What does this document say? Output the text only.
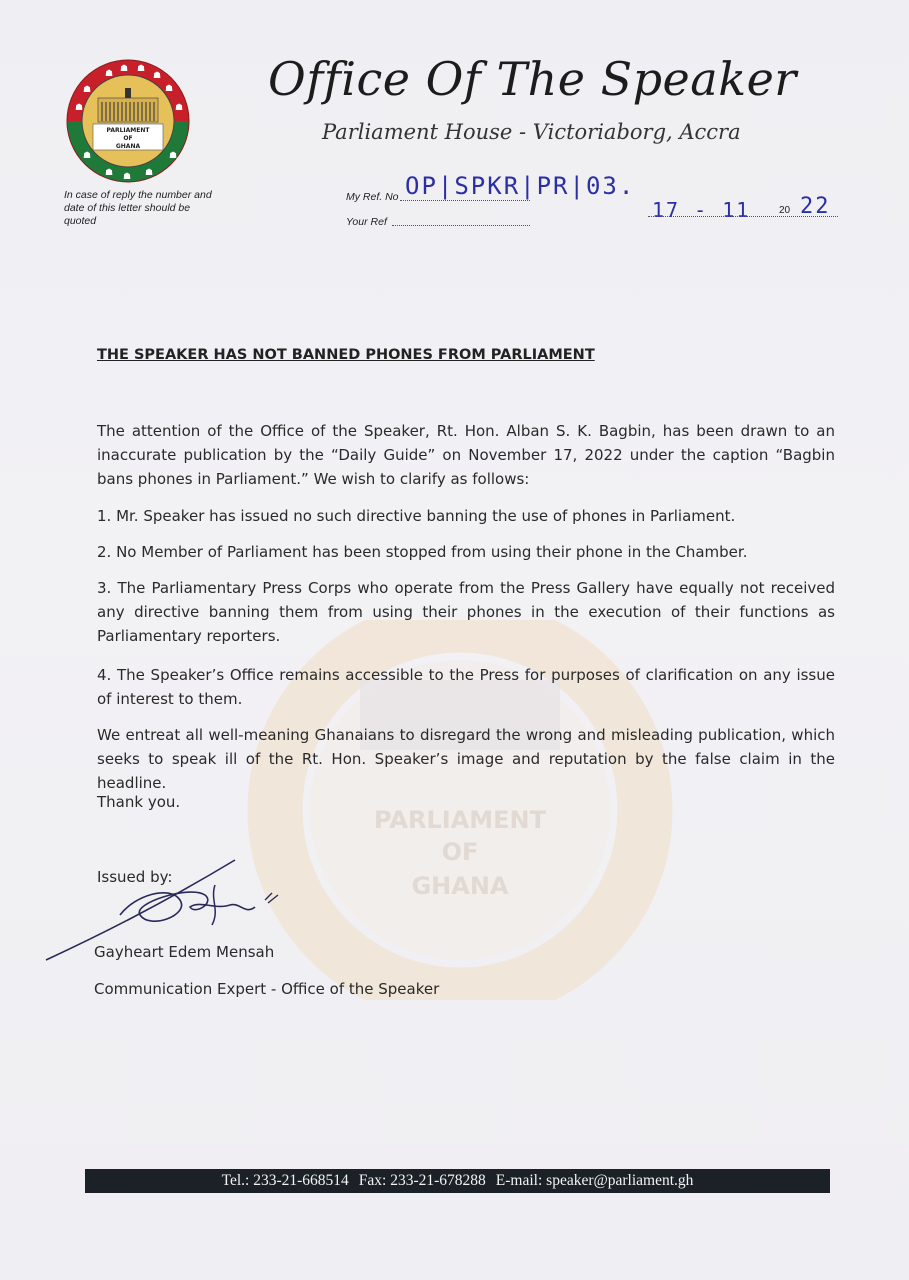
☗ ☗ ☗
☗
☗
☗
☗	☗
☗	☗
☗ ☗ ☗
PARLIAMENT
OF
GHANA
Office Of The Speaker
Parliament House - Victoriaborg, Accra
In case of reply the number and date of this letter should be quoted
My Ref. No OP|SPKR|PR|03.
Your Ref	17 - 11	20 22
PARLIAMENT
OF
GHANA
THE SPEAKER HAS NOT BANNED PHONES FROM PARLIAMENT
The attention of the Office of the Speaker, Rt. Hon. Alban S. K. Bagbin, has been drawn to an inaccurate publication by the “Daily Guide” on November 17, 2022 under the caption “Bagbin bans phones in Parliament.” We wish to clarify as follows:
1. Mr. Speaker has issued no such directive banning the use of phones in Parliament.
2. No Member of Parliament has been stopped from using their phone in the Chamber.
3. The Parliamentary Press Corps who operate from the Press Gallery have equally not received any directive banning them from using their phones in the execution of their functions as Parliamentary reporters.
4. The Speaker’s Office remains accessible to the Press for purposes of clarification on any issue of interest to them.
We entreat all well-meaning Ghanaians to disregard the wrong and misleading publication, which seeks to speak ill of the Rt. Hon. Speaker’s image and reputation by the false claim in the headline.
Thank you.
Issued by:
Gayheart Edem Mensah
Communication Expert - Office of the Speaker
Tel.: 233-21-668514 Fax: 233-21-678288 E-mail: speaker@parliament.gh
